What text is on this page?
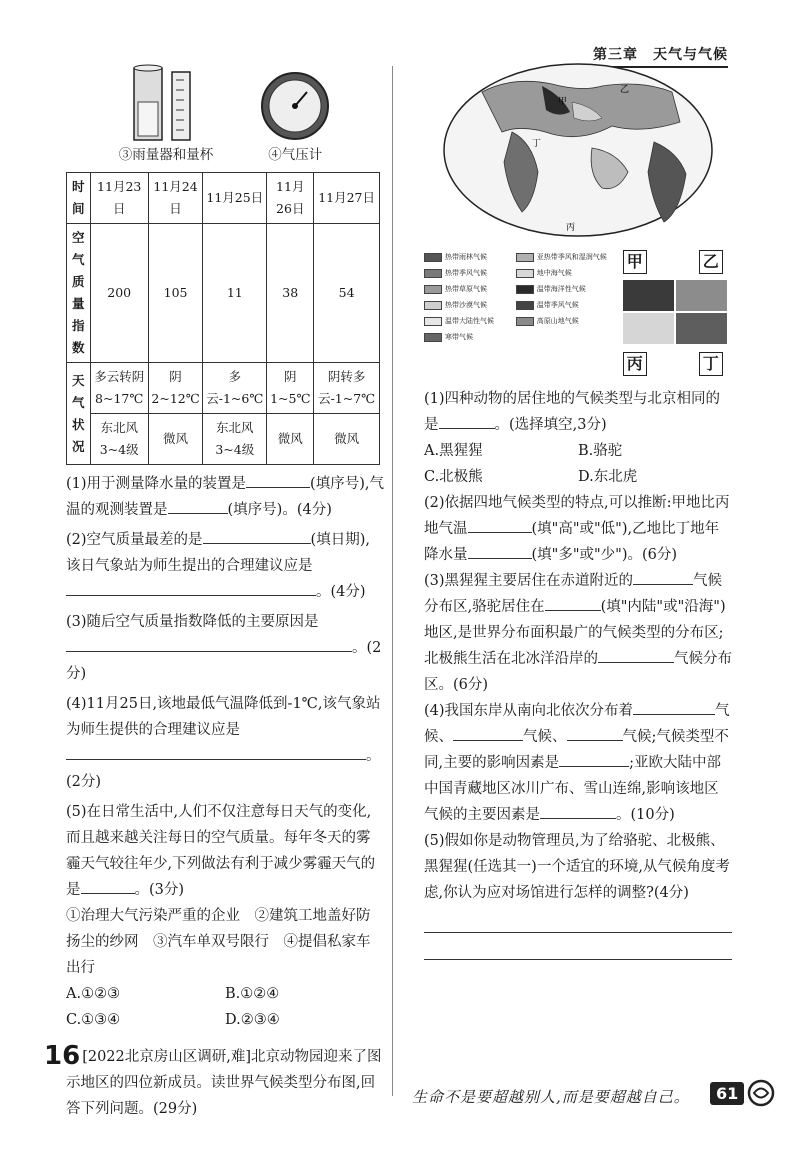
第三章　天气与气候
③雨量器和量杯	④气压计
时间	11月23日	11月24日	11月25日	11月26日	11月27日
空气质量指数	200	105	11	38	54
天气状况	多云转阴8~17℃	阴2~12℃	多云-1~6℃	阴1~5℃	阴转多云-1~7℃
	东北风3~4级	微风	东北风3~4级	微风	微风

(1)用于测量降水量的装置是	(填序号),气温的观测装置是	(填序号)。(4分)

(2)空气质量最差的是	(填日期),该日气象站为师生提出的合理建议应是。(4分)

(3)随后空气质量指数降低的主要原因是。(2分)

(4)11月25日,该地最低气温降低到-1℃,该气象站为师生提供的合理建议应是。(2分)

(5)在日常生活中,人们不仅注意每日天气的变化,而且越来越关注每日的空气质量。每年冬天的雾霾天气较往年少,下列做法有利于减少雾霾天气的是	。(3分)

①治理大气污染严重的企业　②建筑工地盖好防扬尘的纱网　③汽车单双号限行　④提倡私家车出行

A.①②③	B.①②④
C.①③④	D.②③④

16 [2022北京房山区调研,难]北京动物园迎来了图示地区的四位新成员。读世界气候类型分布图,回答下列问题。(29分)

甲
乙
丁
丙
热带雨林气候	亚热带季风和湿润气候
热带季风气候	地中海气候
热带草原气候	温带海洋性气候
热带沙漠气候	温带季风气候
温带大陆性气候	高原山地气候
寒带气候
甲	乙
丙	丁

(1)四种动物的居住地的气候类型与北京相同的是	。(选择填空,3分)

A.黑猩猩	B.骆驼
C.北极熊	D.东北虎

(2)依据四地气候类型的特点,可以推断:甲地比丙地气温	(填"高"或"低"),乙地比丁地年降水量	(填"多"或"少")。(6分)

(3)黑猩猩主要居住在赤道附近的	气候分布区,骆驼居住在	(填"内陆"或"沿海")地区,是世界分布面积最广的气候类型的分布区;北极熊生活在北冰洋沿岸的	气候分布区。(6分)

(4)我国东岸从南向北依次分布着	气候、	气候、	气候;气候类型不同,主要的影响因素是	;亚欧大陆中部中国青藏地区冰川广布、雪山连绵,影响该地区气候的主要因素是	。(10分)

(5)假如你是动物管理员,为了给骆驼、北极熊、黑猩猩(任选其一)一个适宜的环境,从气候角度考虑,你认为应对场馆进行怎样的调整?(4分)

生命不是要超越别人,而是要超越自己。	61
